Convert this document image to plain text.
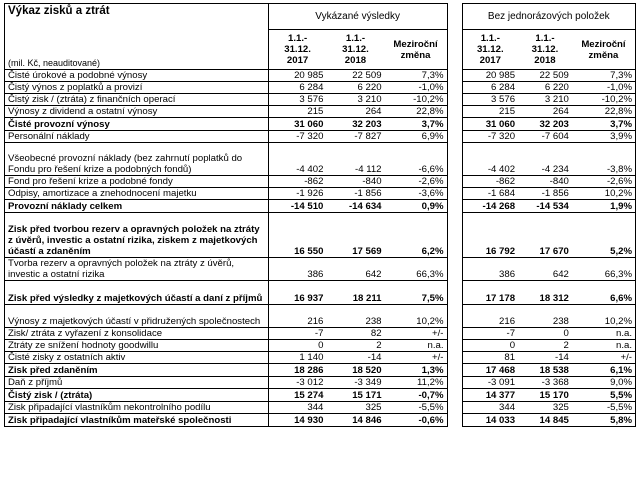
Výkaz zisků a ztrát	Vykázané výsledky				Bez jednorázových položek		
(mil. Kč, neauditované)	1.1.-
31.12.
2017	1.1.-
31.12.
2018	Meziroční
změna		1.1.-
31.12.
2017	1.1.-
31.12.
2018	Meziroční
změna
Čisté úrokové a podobné výnosy	20 985	22 509	7,3%		20 985	22 509	7,3%
Čistý výnos z poplatků a provizí	6 284	6 220	-1,0%		6 284	6 220	-1,0%
Čistý zisk / (ztráta) z finančních operací	3 576	3 210	-10,2%		3 576	3 210	-10,2%
Výnosy z dividend a ostatní výnosy	215	264	22,8%		215	264	22,8%
Čisté provozní výnosy	31 060	32 203	3,7%		31 060	32 203	3,7%
Personální náklady	-7 320	-7 827	6,9%		-7 320	-7 604	3,9%
Všeobecné provozní náklady (bez zahrnutí poplatků do Fondu pro řešení krize a podobných fondů)	-4 402	-4 112	-6,6%		-4 402	-4 234	-3,8%
Fond pro řešení krize a podobné fondy	-862	-840	-2,6%		-862	-840	-2,6%
Odpisy, amortizace a znehodnocení majetku	-1 926	-1 856	-3,6%		-1 684	-1 856	10,2%
Provozní náklady celkem	-14 510	-14 634	0,9%		-14 268	-14 534	1,9%
Zisk před tvorbou rezerv a opravných položek na ztráty z úvěrů, investic a ostatní rizika, ziskem z majetkových účastí a zdaněním	16 550	17 569	6,2%		16 792	17 670	5,2%
Tvorba rezerv a opravných položek na ztráty z úvěrů, investic a ostatní rizika	386	642	66,3%		386	642	66,3%
Zisk před výsledky z majetkových účastí a daní z příjmů	16 937	18 211	7,5%		17 178	18 312	6,6%
Výnosy z majetkových účastí v přidružených společnostech	216	238	10,2%		216	238	10,2%
Zisk/ ztráta z vyřazení z konsolidace	-7	82	+/-		-7	0	n.a.
Ztráty ze snížení hodnoty goodwillu	0	2	n.a.		0	2	n.a.
Čisté zisky z ostatních aktiv	1 140	-14	+/-		81	-14	+/-
Zisk před zdaněním	18 286	18 520	1,3%		17 468	18 538	6,1%
Daň z příjmů	-3 012	-3 349	11,2%		-3 091	-3 368	9,0%
Čistý zisk / (ztráta)	15 274	15 171	-0,7%		14 377	15 170	5,5%
Zisk připadající vlastníkům nekontrolního podílu	344	325	-5,5%		344	325	-5,5%
Zisk připadající vlastníkům mateřské společnosti	14 930	14 846	-0,6%		14 033	14 845	5,8%
